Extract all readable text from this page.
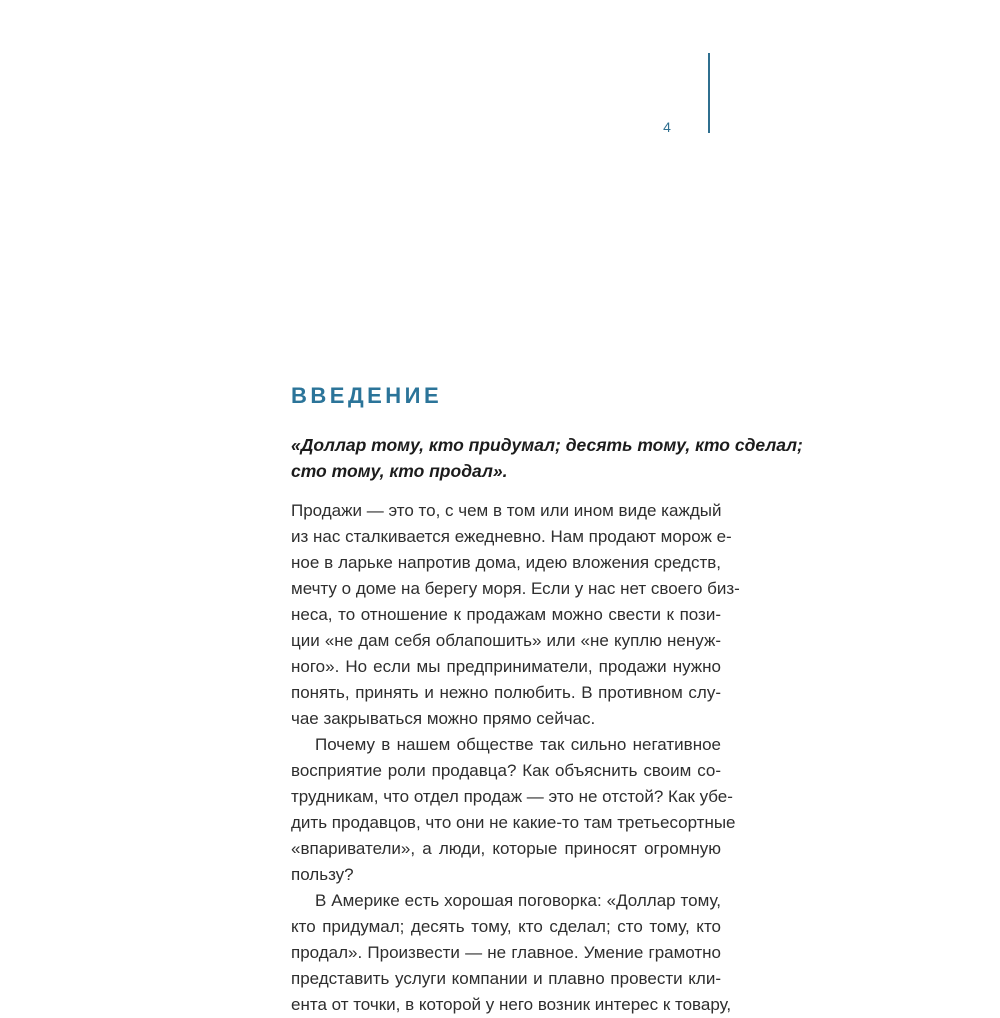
4
ВВЕДЕНИЕ
«Доллар тому, кто придумал; десять тому, кто сделал;
сто тому, кто продал».
Продажи — это то, с чем в том или ином виде каждый
из нас сталкивается ежедневно. Нам продают морож е-
ное в ларьке напротив дома, идею вложения средств,
мечту о доме на берегу моря. Если у нас нет своего биз-
неса, то отношение к продажам можно свести к пози-
ции «не дам себя облапошить» или «не куплю ненуж-
ного». Но если мы предприниматели, продажи нужно
понять, принять и нежно полюбить. В противном слу-
чае закрываться можно прямо сейчас.
Почему в нашем обществе так сильно негативное
восприятие роли продавца? Как объяснить своим со-
трудникам, что отдел продаж — это не отстой? Как убе-
дить продавцов, что они не какие-то там третьесортные
«впариватели», а люди, которые приносят огромную
пользу?
В Америке есть хорошая поговорка: «Доллар тому,
кто придумал; десять тому, кто сделал; сто тому, кто
продал». Произвести — не главное. Умение грамотно
представить услуги компании и плавно провести кли-
ента от точки, в которой у него возник интерес к товару,
